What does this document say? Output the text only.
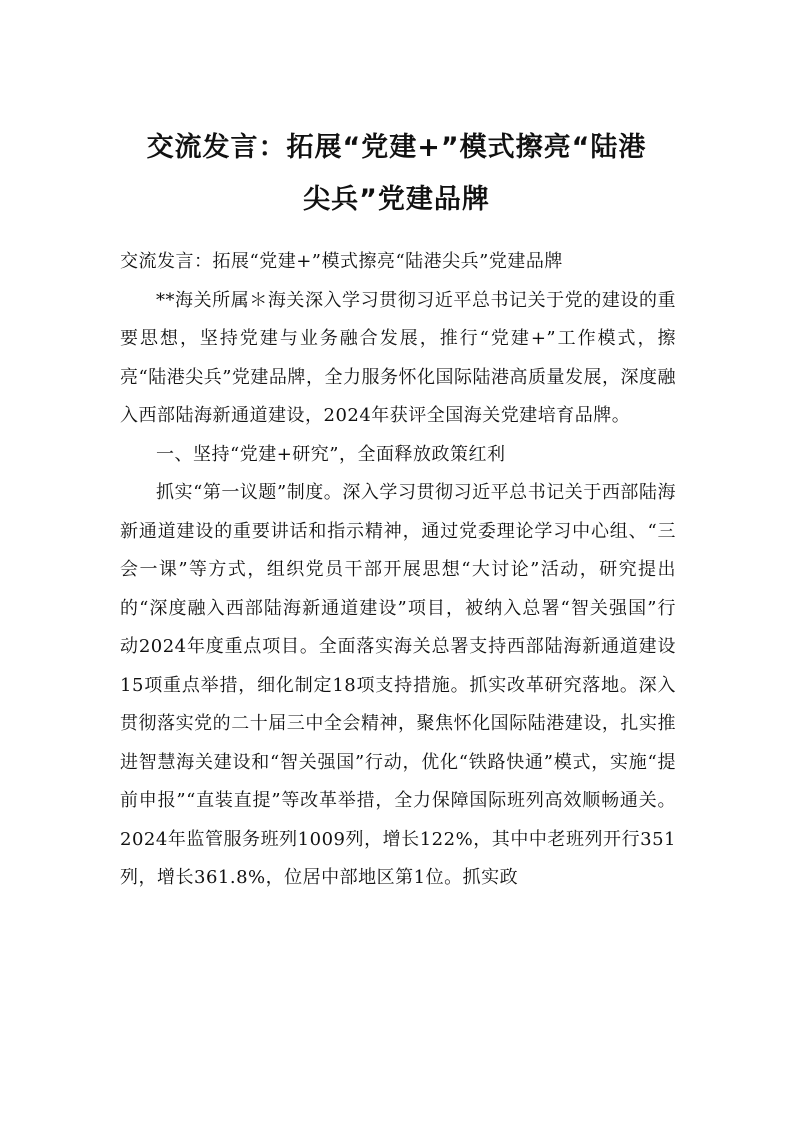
交流发言：拓展“党建+”模式擦亮“陆港
尖兵”党建品牌

交流发言：拓展“党建+”模式擦亮“陆港尖兵”党建品牌

**海关所属＊海关深入学习贯彻习近平总书记关于党的建设的重要思想，坚持党建与业务融合发展，推行“党建+”工作模式，擦亮“陆港尖兵”党建品牌，全力服务怀化国际陆港高质量发展，深度融入西部陆海新通道建设，2024年获评全国海关党建培育品牌。

一、坚持“党建+研究”，全面释放政策红利

抓实“第一议题”制度。深入学习贯彻习近平总书记关于西部陆海新通道建设的重要讲话和指示精神，通过党委理论学习中心组、“三会一课”等方式，组织党员干部开展思想“大讨论”活动，研究提出的“深度融入西部陆海新通道建设”项目，被纳入总署“智关强国”行动2024年度重点项目。全面落实海关总署支持西部陆海新通道建设15项重点举措，细化制定18项支持措施。抓实改革研究落地。深入贯彻落实党的二十届三中全会精神，聚焦怀化国际陆港建设，扎实推进智慧海关建设和“智关强国”行动，优化“铁路快通”模式，实施“提前申报”“直装直提”等改革举措，全力保障国际班列高效顺畅通关。2024年监管服务班列1009列，增长122%，其中中老班列开行351列，增长361.8%，位居中部地区第1位。抓实政
